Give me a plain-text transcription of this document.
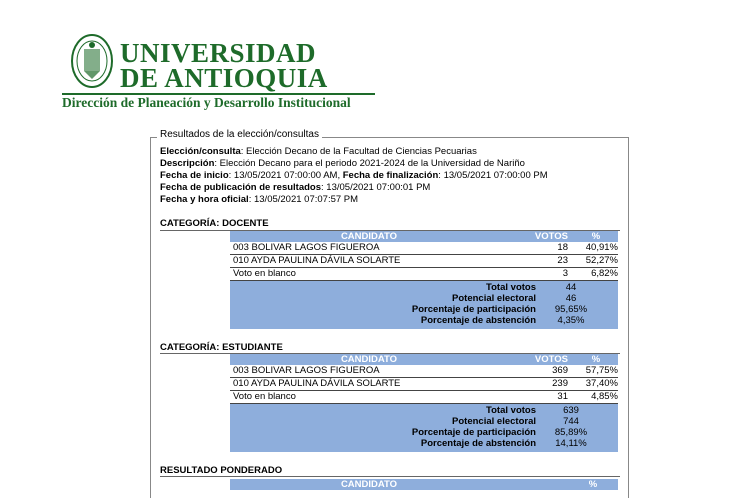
UNIVERSIDAD
DE ANTIOQUIA
Dirección de Planeación y Desarrollo Institucional
Resultados de la elección/consultas
Elección/consulta: Elección Decano de la Facultad de Ciencias Pecuarias
Descripción: Elección Decano para el periodo 2021-2024 de la Universidad de Nariño
Fecha de inicio: 13/05/2021 07:00:00 AM, Fecha de finalización: 13/05/2021 07:00:00 PM
Fecha de publicación de resultados: 13/05/2021 07:00:01 PM
Fecha y hora oficial: 13/05/2021 07:07:57 PM
CATEGORÍA: DOCENTE
CANDIDATO	VOTOS	%
003 BOLIVAR LAGOS FIGUEROA	18	40,91%
010 AYDA PAULINA DÁVILA SOLARTE	23	52,27%
Voto en blanco	3	6,82%
Total votos	44
Potencial electoral	46
Porcentaje de participación	95,65%
Porcentaje de abstención	4,35%
CATEGORÍA: ESTUDIANTE
CANDIDATO	VOTOS	%
003 BOLIVAR LAGOS FIGUEROA	369	57,75%
010 AYDA PAULINA DÁVILA SOLARTE	239	37,40%
Voto en blanco	31	4,85%
Total votos	639
Potencial electoral	744
Porcentaje de participación	85,89%
Porcentaje de abstención	14,11%
RESULTADO PONDERADO
CANDIDATO	%
